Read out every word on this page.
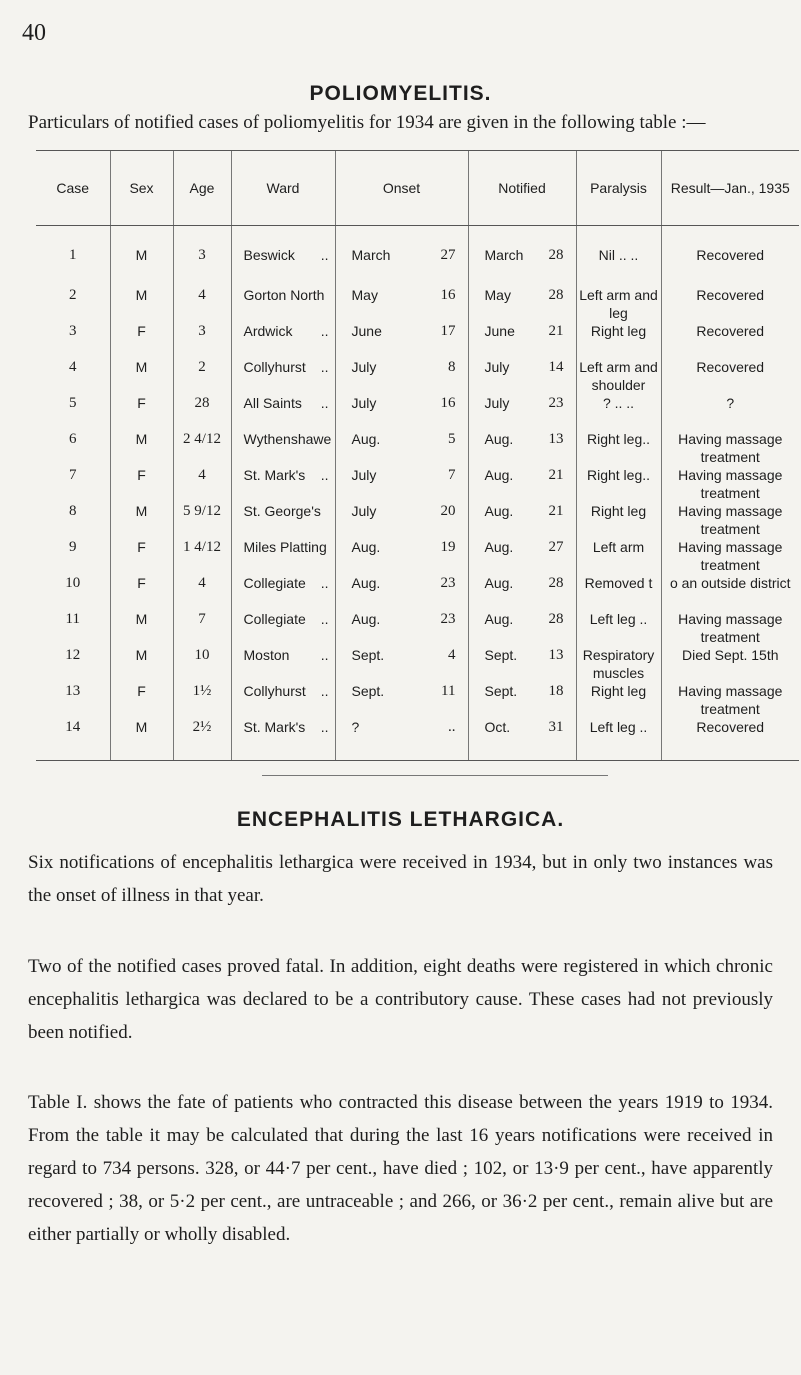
40
POLIOMYELITIS.
Particulars of notified cases of poliomyelitis for 1934 are given in the following table :—
Case	Sex	Age	Ward	Onset	Notified	Paralysis	Result—Jan., 1935
1	M	3	Beswick ..	March 27	March 28	Nil .. ..	Recovered
2	M	4	Gorton North	May 16	May 28	Left arm and leg	Recovered
3	F	3	Ardwick ..	June 17	June 21	Right leg	Recovered
4	M	2	Collyhurst ..	July 8	July 14	Left arm and shoulder	Recovered
5	F	28	All Saints ..	July 16	July 23	? .. ..	?
6	M	2 4/12	Wythenshawe	Aug. 5	Aug. 13	Right leg..	Having massage treatment
7	F	4	St. Mark's ..	July 7	Aug. 21	Right leg..	Having massage treatment
8	M	5 9/12	St. George's	July 20	Aug. 21	Right leg	Having massage treatment
9	F	1 4/12	Miles Platting	Aug. 19	Aug. 27	Left arm	Having massage treatment
10	F	4	Collegiate ..	Aug. 23	Aug. 28	Removed t	o an outside district
11	M	7	Collegiate ..	Aug. 23	Aug. 28	Left leg ..	Having massage treatment
12	M	10	Moston ..	Sept. 4	Sept. 13	Respiratory muscles	Died Sept. 15th
13	F	1½	Collyhurst ..	Sept. 11	Sept. 18	Right leg	Having massage treatment
14	M	2½	St. Mark's ..	? ..	Oct. 31	Left leg ..	Recovered
ENCEPHALITIS LETHARGICA.

Six notifications of encephalitis lethargica were received in 1934, but in only two instances was the onset of illness in that year.

Two of the notified cases proved fatal. In addition, eight deaths were registered in which chronic encephalitis lethargica was declared to be a contributory cause. These cases had not previously been notified.

Table I. shows the fate of patients who contracted this disease between the years 1919 to 1934. From the table it may be calculated that during the last 16 years notifications were received in regard to 734 persons. 328, or 44·7 per cent., have died ; 102, or 13·9 per cent., have apparently recovered ; 38, or 5·2 per cent., are untraceable ; and 266, or 36·2 per cent., remain alive but are either partially or wholly disabled.
